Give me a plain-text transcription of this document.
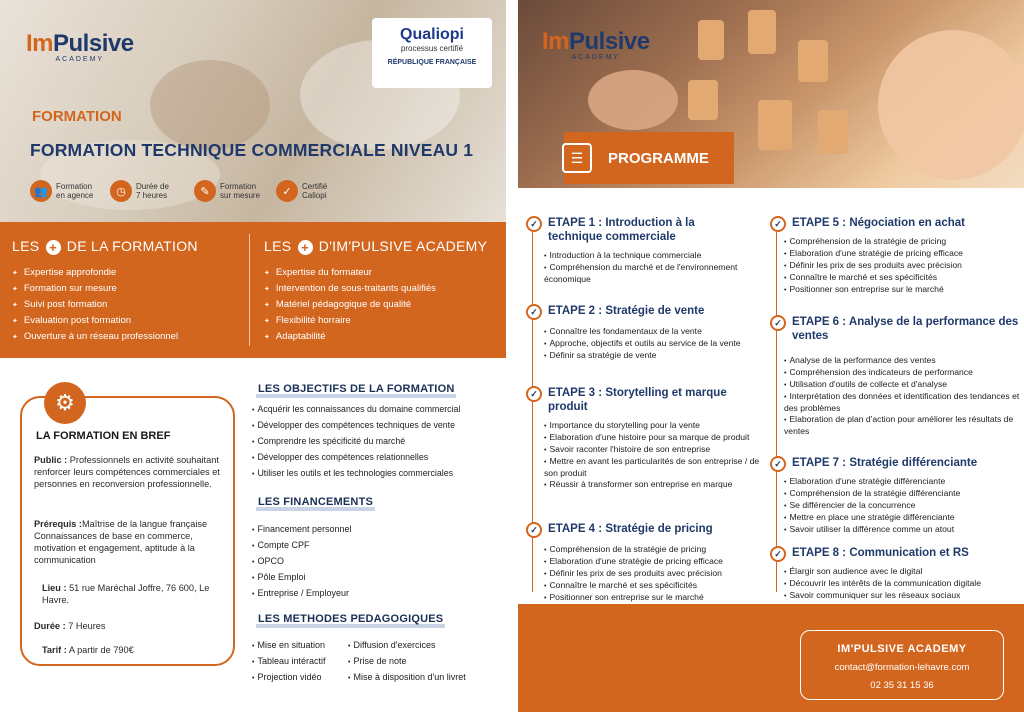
ImPulsive
ACADEMY
Qualiopi
processus certifié
RÉPUBLIQUE FRANÇAISE
FORMATION
FORMATION TECHNIQUE COMMERCIALE NIVEAU 1
👥	Formation
en agence	◷	Durée de
7 heures	✎	Formation
sur mesure	✓	Certifié
Caliopi
LES + DE LA FORMATION
✦ Expertise approfondie
✦ Formation sur mesure
✦ Suivi post formation
✦ Evaluation post formation
✦ Ouverture à un réseau professionnel
LES + D'IM'PULSIVE ACADEMY
✦ Expertise du formateur
✦ Intervention de sous-traitants qualifiés
✦ Matériel pédagogique de qualité
✦ Flexibilité horraire
✦ Adaptabilité
⚙
LA FORMATION EN BREF
Public : Professionnels en activité souhaitant renforcer leurs compétences commerciales et personnes en reconversion professionnelle.
Prérequis :Maîtrise de la langue française Connaissances de base en commerce, motivation et engagement, aptitude à la communication
Lieu : 51 rue Maréchal Joffre, 76 600, Le Havre.
Durée : 7 Heures
Tarif : A partir de 790€
LES OBJECTIFS DE LA FORMATION
• Acquérir les connaissances du domaine commercial
• Développer des compétences techniques de vente
• Comprendre les spécificité du marché
• Développer des compétences relationnelles
• Utiliser les outils et les technologies commerciales
LES FINANCEMENTS
• Financement personnel
• Compte CPF
• OPCO
• Pôle Emploi
• Entreprise / Employeur
LES METHODES PEDAGOGIQUES
• Mise en situation
• Tableau intéractif
• Projection vidéo
• Diffusion d'exercices
• Prise de note
• Mise à disposition d'un livret
ImPulsive
ACADEMY
☰	PROGRAMME
✓ ETAPE 1 : Introduction à la technique commerciale
• Introduction à la technique commerciale
• Compréhension du marché et de l'environnement économique
✓ ETAPE 2 : Stratégie de vente
• Connaître les fondamentaux de la vente
• Approche, objectifs et outils au service de la vente
• Définir sa stratégie de vente
✓ ETAPE 3 : Storytelling et marque produit
• Importance du storytelling pour la vente
• Elaboration d'une histoire pour sa marque de produit
• Savoir raconter l'histoire de son entreprise
• Mettre en avant les particularités de son entreprise / de son produit
• Réussir à transformer son entreprise en marque
✓ ETAPE 4 : Stratégie de pricing
• Compréhension de la stratégie de pricing
• Elaboration d'une stratégie de pricing efficace
• Définir les prix de ses produits avec précision
• Connaître le marché et ses spécificités
• Positionner son entreprise sur le marché
✓ ETAPE 5 : Négociation en achat
• Compréhension de la stratégie de pricing
• Elaboration d'une stratégie de pricing efficace
• Définir les prix de ses produits avec précision
• Connaître le marché et ses spécificités
• Positionner son entreprise sur le marché
✓ ETAPE 6 : Analyse de la performance des ventes
• Analyse de la performance des ventes
• Compréhension des indicateurs de performance
• Utilisation d'outils de collecte et d'analyse
• Interprétation des données et identification des tendances et des problèmes
• Elaboration de plan d'action pour améliorer les résultats de ventes
✓ ETAPE 7 : Stratégie différenciante
• Elaboration d'une stratégie différenciante
• Compréhension de la stratégie différenciante
• Se différencier de la concurrence
• Mettre en place une stratégie différenciante
• Savoir utiliser la différence comme un atout
✓ ETAPE 8 : Communication et RS
• Élargir son audience avec le digital
• Découvrir les intérêts de la communication digitale
• Savoir communiquer sur les réseaux sociaux
IM'PULSIVE ACADEMY
contact@formation-lehavre.com
02 35 31 15 36
